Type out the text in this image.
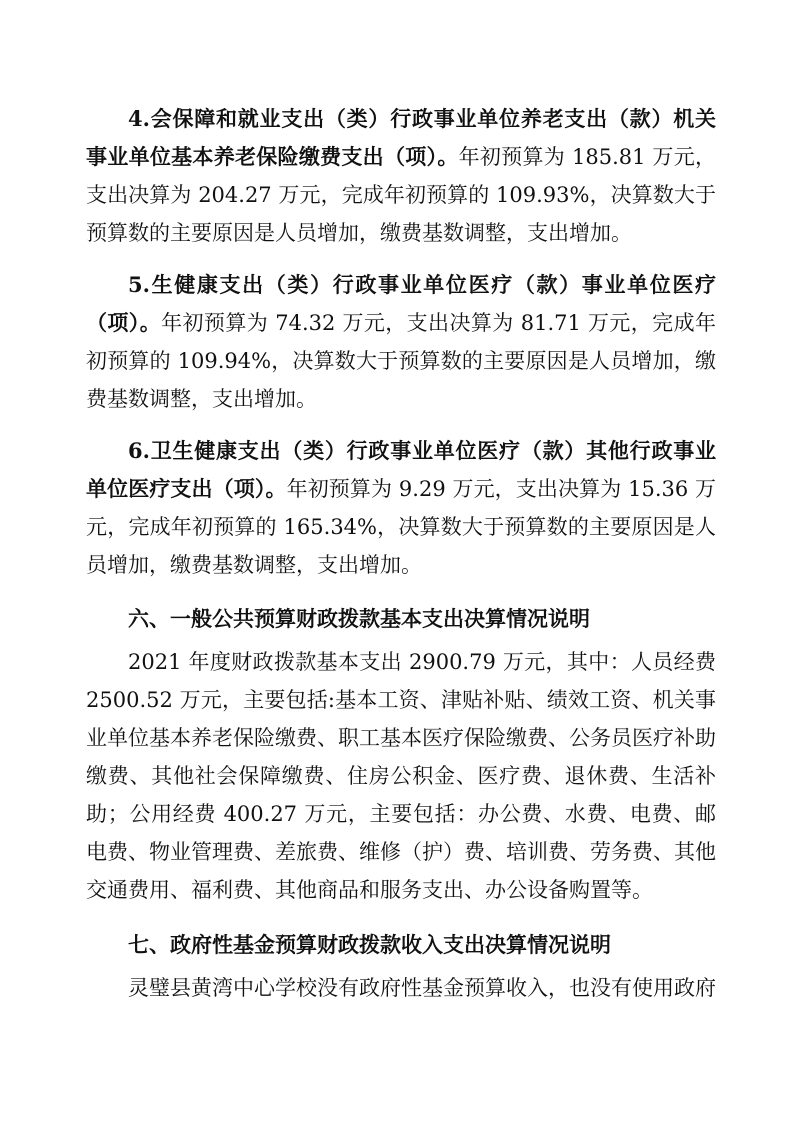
4.会保障和就业支出（类）行政事业单位养老支出（款）机关事业单位基本养老保险缴费支出（项）。年初预算为 185.81 万元，支出决算为 204.27 万元，完成年初预算的 109.93%，决算数大于预算数的主要原因是人员增加，缴费基数调整，支出增加。

5.生健康支出（类）行政事业单位医疗（款）事业单位医疗（项）。年初预算为 74.32 万元，支出决算为 81.71 万元，完成年初预算的 109.94%，决算数大于预算数的主要原因是人员增加，缴费基数调整，支出增加。

6.卫生健康支出（类）行政事业单位医疗（款）其他行政事业单位医疗支出（项）。年初预算为 9.29 万元，支出决算为 15.36 万元，完成年初预算的 165.34%，决算数大于预算数的主要原因是人员增加，缴费基数调整，支出增加。

六、一般公共预算财政拨款基本支出决算情况说明

2021 年度财政拨款基本支出 2900.79 万元，其中：人员经费 2500.52 万元，主要包括:基本工资、津贴补贴、绩效工资、机关事业单位基本养老保险缴费、职工基本医疗保险缴费、公务员医疗补助缴费、其他社会保障缴费、住房公积金、医疗费、退休费、生活补助；公用经费 400.27 万元，主要包括：办公费、水费、电费、邮电费、物业管理费、差旅费、维修（护）费、培训费、劳务费、其他交通费用、福利费、其他商品和服务支出、办公设备购置等。

七、政府性基金预算财政拨款收入支出决算情况说明

灵璧县黄湾中心学校没有政府性基金预算收入，也没有使用政府
